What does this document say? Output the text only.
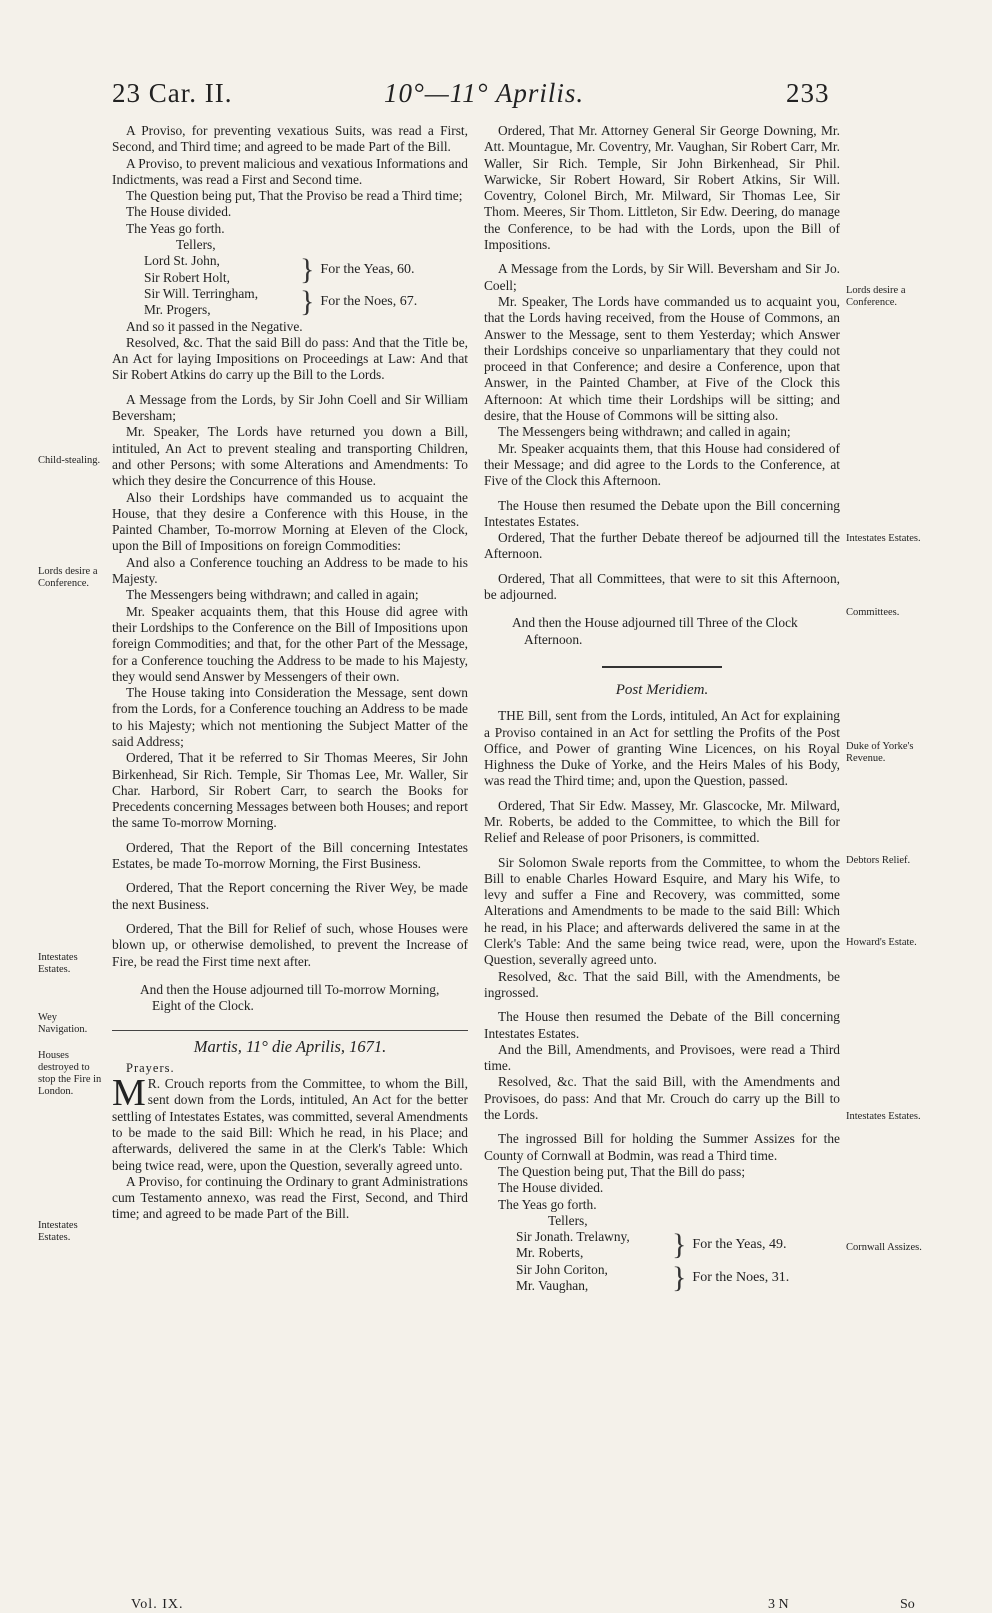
23 Car. II.	10°—11° Aprilis.	233

A Proviso, for preventing vexatious Suits, was read a First, Second, and Third time; and agreed to be made Part of the Bill.

A Proviso, to prevent malicious and vexatious Informations and Indictments, was read a First and Second time.

The Question being put, That the Proviso be read a Third time;

The House divided.

The Yeas go forth.

Tellers,
Lord St. John,
Sir Robert Holt,	} For the Yeas, 60.
Sir Will. Terringham,
Mr. Progers,	} For the Noes, 67.

And so it passed in the Negative.

Resolved, &c. That the said Bill do pass: And that the Title be, An Act for laying Impositions on Proceedings at Law: And that Sir Robert Atkins do carry up the Bill to the Lords.

A Message from the Lords, by Sir John Coell and Sir William Beversham;

Mr. Speaker, The Lords have returned you down a Bill, intituled, An Act to prevent stealing and transporting Children, and other Persons; with some Alterations and Amendments: To which they desire the Concurrence of this House.

Also their Lordships have commanded us to acquaint the House, that they desire a Conference with this House, in the Painted Chamber, To-morrow Morning at Eleven of the Clock, upon the Bill of Impositions on foreign Commodities:

And also a Conference touching an Address to be made to his Majesty.

The Messengers being withdrawn; and called in again;

Mr. Speaker acquaints them, that this House did agree with their Lordships to the Conference on the Bill of Impositions upon foreign Commodities; and that, for the other Part of the Message, for a Conference touching the Address to be made to his Majesty, they would send Answer by Messengers of their own.

The House taking into Consideration the Message, sent down from the Lords, for a Conference touching an Address to be made to his Majesty; which not mentioning the Subject Matter of the said Address;

Ordered, That it be referred to Sir Thomas Meeres, Sir John Birkenhead, Sir Rich. Temple, Sir Thomas Lee, Mr. Waller, Sir Char. Harbord, Sir Robert Carr, to search the Books for Precedents concerning Messages between both Houses; and report the same To-morrow Morning.

Ordered, That the Report of the Bill concerning Intestates Estates, be made To-morrow Morning, the First Business.

Ordered, That the Report concerning the River Wey, be made the next Business.

Ordered, That the Bill for Relief of such, whose Houses were blown up, or otherwise demolished, to prevent the Increase of Fire, be read the First time next after.

And then the House adjourned till To-morrow Morning, Eight of the Clock.

Martis, 11° die Aprilis, 1671.
Prayers.

M R. Crouch reports from the Committee, to whom the Bill, sent down from the Lords, intituled, An Act for the better settling of Intestates Estates, was committed, several Amendments to be made to the said Bill: Which he read, in his Place; and afterwards, delivered the same in at the Clerk's Table: Which being twice read, were, upon the Question, severally agreed unto.

A Proviso, for continuing the Ordinary to grant Administrations cum Testamento annexo, was read the First, Second, and Third time; and agreed to be made Part of the Bill.

Ordered, That Mr. Attorney General Sir George Downing, Mr. Att. Mountague, Mr. Coventry, Mr. Vaughan, Sir Robert Carr, Mr. Waller, Sir Rich. Temple, Sir John Birkenhead, Sir Phil. Warwicke, Sir Robert Howard, Sir Robert Atkins, Sir Will. Coventry, Colonel Birch, Mr. Milward, Sir Thomas Lee, Sir Thom. Meeres, Sir Thom. Littleton, Sir Edw. Deering, do manage the Conference, to be had with the Lords, upon the Bill of Impositions.

A Message from the Lords, by Sir Will. Beversham and Sir Jo. Coell;

Mr. Speaker, The Lords have commanded us to acquaint you, that the Lords having received, from the House of Commons, an Answer to the Message, sent to them Yesterday; which Answer their Lordships conceive so unparliamentary that they could not proceed in that Conference; and desire a Conference, upon that Answer, in the Painted Chamber, at Five of the Clock this Afternoon: At which time their Lordships will be sitting; and desire, that the House of Commons will be sitting also.

The Messengers being withdrawn; and called in again;

Mr. Speaker acquaints them, that this House had considered of their Message; and did agree to the Lords to the Conference, at Five of the Clock this Afternoon.

The House then resumed the Debate upon the Bill concerning Intestates Estates.

Ordered, That the further Debate thereof be adjourned till the Afternoon.

Ordered, That all Committees, that were to sit this Afternoon, be adjourned.

And then the House adjourned till Three of the Clock Afternoon.

Post Meridiem.

THE Bill, sent from the Lords, intituled, An Act for explaining a Proviso contained in an Act for settling the Profits of the Post Office, and Power of granting Wine Licences, on his Royal Highness the Duke of Yorke, and the Heirs Males of his Body, was read the Third time; and, upon the Question, passed.

Ordered, That Sir Edw. Massey, Mr. Glascocke, Mr. Milward, Mr. Roberts, be added to the Committee, to which the Bill for Relief and Release of poor Prisoners, is committed.

Sir Solomon Swale reports from the Committee, to whom the Bill to enable Charles Howard Esquire, and Mary his Wife, to levy and suffer a Fine and Recovery, was committed, some Alterations and Amendments to be made to the said Bill: Which he read, in his Place; and afterwards delivered the same in at the Clerk's Table: And the same being twice read, were, upon the Question, severally agreed unto.

Resolved, &c. That the said Bill, with the Amendments, be ingrossed.

The House then resumed the Debate of the Bill concerning Intestates Estates.

And the Bill, Amendments, and Provisoes, were read a Third time.

Resolved, &c. That the said Bill, with the Amendments and Provisoes, do pass: And that Mr. Crouch do carry up the Bill to the Lords.

The ingrossed Bill for holding the Summer Assizes for the County of Cornwall at Bodmin, was read a Third time.

The Question being put, That the Bill do pass;

The House divided.

The Yeas go forth.

Tellers,
Sir Jonath. Trelawny,
Mr. Roberts,	} For the Yeas, 49.
Sir John Coriton,
Mr. Vaughan,	} For the Noes, 31.
Child-stealing.
Lords desire a Conference.
Intestates Estates.
Wey Navigation.
Houses destroyed to stop the Fire in London.
Intestates Estates.
Lords desire a Conference.
Intestates Estates.
Committees.
Duke of Yorke's Revenue.
Debtors Relief.
Howard's Estate.
Intestates Estates.
Cornwall Assizes.
Vol. IX.	3 N	So
